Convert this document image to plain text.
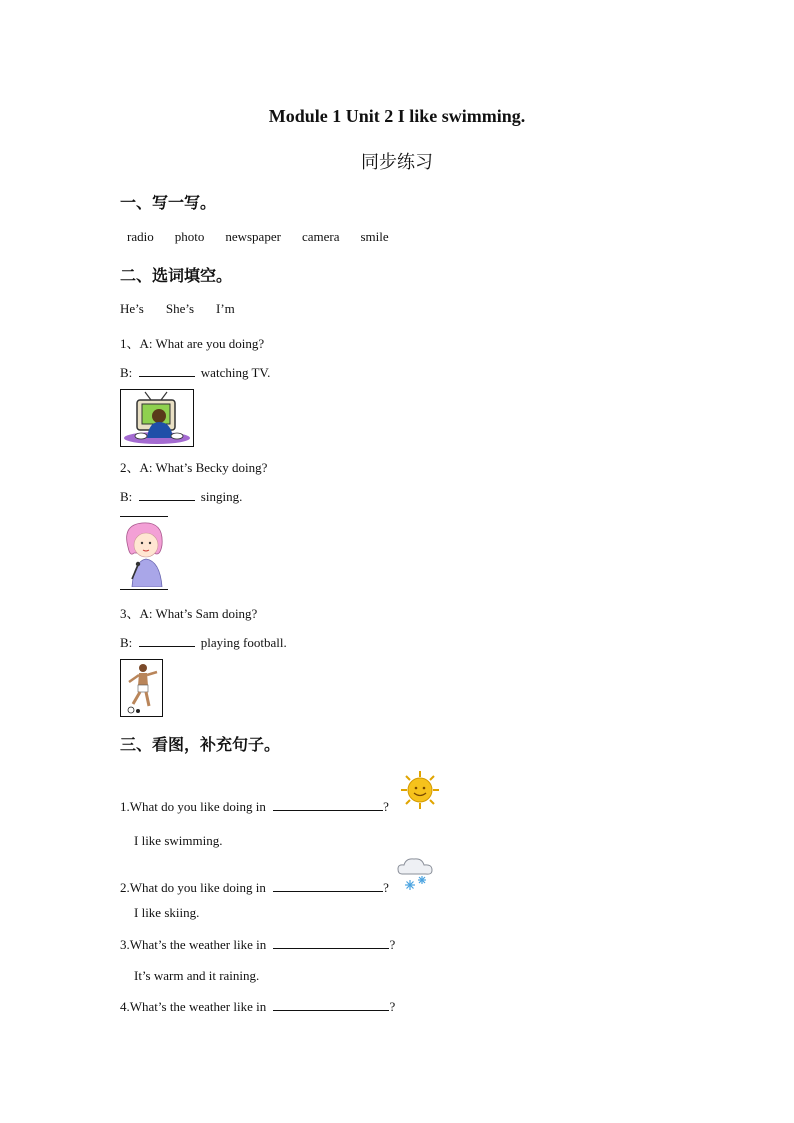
Module 1 Unit 2 I like swimming.
同步练习
一、写一写。
radio photo newspaper camera smile
二、选词填空。
He’s She’s I’m
1、A: What are you doing?
B:	watching TV.
2、A: What’s Becky doing?
B:	singing.
3、A: What’s Sam doing?
B:	playing football.
三、看图，补充句子。
1.What do you like doing in	?
I like swimming.
2.What do you like doing in	?
I like skiing.
3.What’s the weather like in	?
It’s warm and it raining.
4.What’s the weather like in	?
